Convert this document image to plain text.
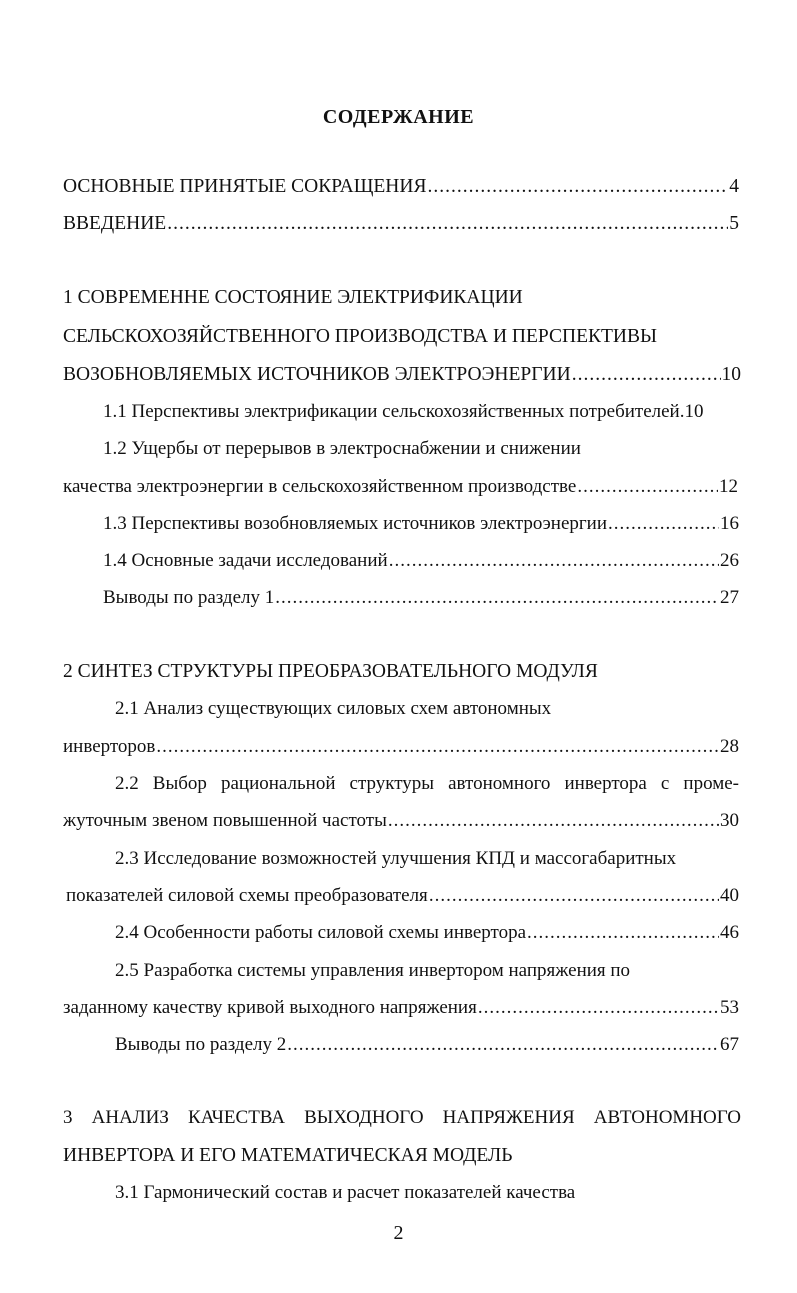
СОДЕРЖАНИЕ
ОСНОВНЫЕ ПРИНЯТЫЕ СОКРАЩЕНИЯ .....	4
ВВЕДЕНИЕ .....	5
1 СОВРЕМЕННЕ СОСТОЯНИЕ ЭЛЕКТРИФИКАЦИИ
СЕЛЬСКОХОЗЯЙСТВЕННОГО ПРОИЗВОДСТВА И ПЕРСПЕКТИВЫ
ВОЗОБНОВЛЯЕМЫХ ИСТОЧНИКОВ ЭЛЕКТРОЭНЕРГИИ .....	10
1.1 Перспективы электрификации сельскохозяйственных потребителей. 10
1.2 Ущербы от перерывов в электроснабжении и снижении
качества электроэнергии в сельскохозяйственном производстве .....	12
1.3 Перспективы возобновляемых источников электроэнергии .....	16
1.4 Основные задачи исследований .....	26
Выводы по разделу 1 .....	27
2 СИНТЕЗ СТРУКТУРЫ ПРЕОБРАЗОВАТЕЛЬНОГО МОДУЛЯ
2.1 Анализ существующих силовых схем автономных
инверторов .....	28
2.2 Выбор рациональной структуры автономного инвертора с проме-
жуточным звеном повышенной частоты .....	30
2.3 Исследование возможностей улучшения КПД и массогабаритных
показателей силовой схемы преобразователя .....	40
2.4 Особенности работы силовой схемы инвертора .....	46
2.5 Разработка системы управления инвертором напряжения по
заданному качеству кривой выходного напряжения .....	53
Выводы по разделу 2 .....	67
3 АНАЛИЗ КАЧЕСТВА ВЫХОДНОГО НАПРЯЖЕНИЯ АВТОНОМНОГО
ИНВЕРТОРА И ЕГО МАТЕМАТИЧЕСКАЯ МОДЕЛЬ
3.1 Гармонический состав и расчет показателей качества
2
